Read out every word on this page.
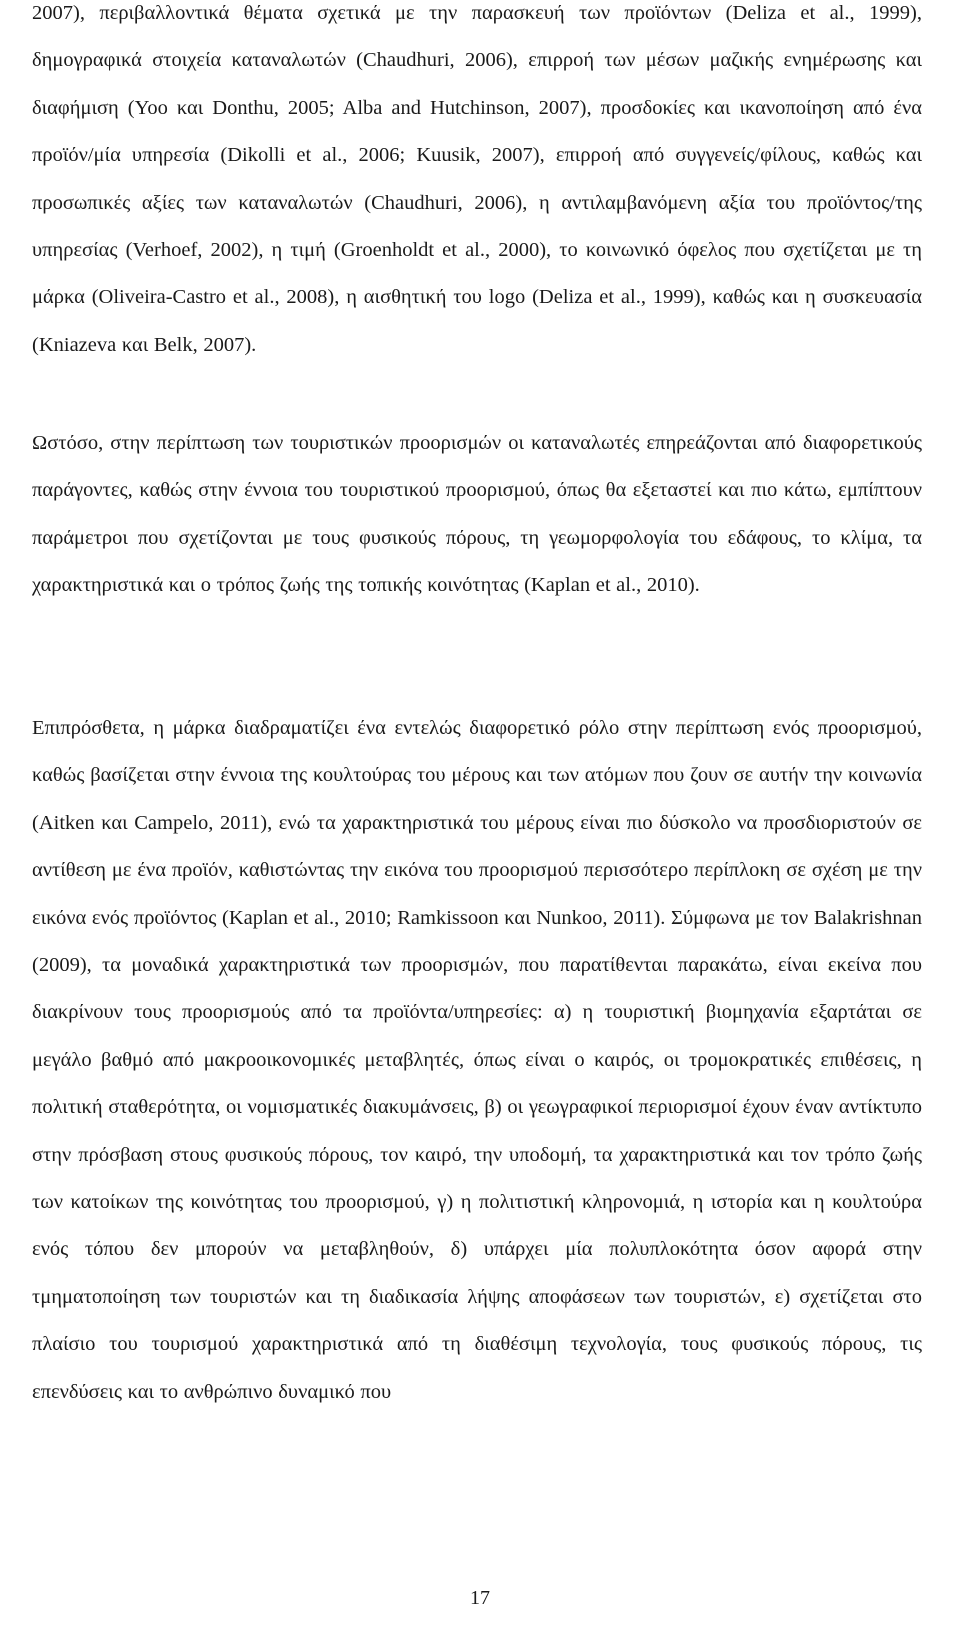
2007), περιβαλλοντικά θέματα σχετικά με την παρασκευή των προϊόντων (Deliza et al., 1999), δημογραφικά στοιχεία καταναλωτών (Chaudhuri, 2006), επιρροή των μέσων μαζικής ενημέρωσης και διαφήμιση (Yoo και Donthu, 2005; Alba and Hutchinson, 2007), προσδοκίες και ικανοποίηση από ένα προϊόν/μία υπηρεσία (Dikolli et al., 2006; Kuusik, 2007), επιρροή από συγγενείς/φίλους, καθώς και προσωπικές αξίες των καταναλωτών (Chaudhuri, 2006), η αντιλαμβανόμενη αξία του προϊόντος/της υπηρεσίας (Verhoef, 2002), η τιμή (Groenholdt et al., 2000), το κοινωνικό όφελος που σχετίζεται με τη μάρκα (Oliveira-Castro et al., 2008), η αισθητική του logo (Deliza et al., 1999), καθώς και η συσκευασία (Kniazeva και Belk, 2007).

Ωστόσο, στην περίπτωση των τουριστικών προορισμών οι καταναλωτές επηρεάζονται από διαφορετικούς παράγοντες, καθώς στην έννοια του τουριστικού προορισμού, όπως θα εξεταστεί και πιο κάτω, εμπίπτουν παράμετροι που σχετίζονται με τους φυσικούς πόρους, τη γεωμορφολογία του εδάφους, το κλίμα, τα χαρακτηριστικά και ο τρόπος ζωής της τοπικής κοινότητας (Kaplan et al., 2010).

Επιπρόσθετα, η μάρκα διαδραματίζει ένα εντελώς διαφορετικό ρόλο στην περίπτωση ενός προορισμού, καθώς βασίζεται στην έννοια της κουλτούρας του μέρους και των ατόμων που ζουν σε αυτήν την κοινωνία (Aitken και Campelo, 2011), ενώ τα χαρακτηριστικά του μέρους είναι πιο δύσκολο να προσδιοριστούν σε αντίθεση με ένα προϊόν, καθιστώντας την εικόνα του προορισμού περισσότερο περίπλοκη σε σχέση με την εικόνα ενός προϊόντος (Kaplan et al., 2010; Ramkissoon και Nunkoo, 2011). Σύμφωνα με τον Balakrishnan (2009), τα μοναδικά χαρακτηριστικά των προορισμών, που παρατίθενται παρακάτω, είναι εκείνα που διακρίνουν τους προορισμούς από τα προϊόντα/υπηρεσίες: α) η τουριστική βιομηχανία εξαρτάται σε μεγάλο βαθμό από μακροοικονομικές μεταβλητές, όπως είναι ο καιρός, οι τρομοκρατικές επιθέσεις, η πολιτική σταθερότητα, οι νομισματικές διακυμάνσεις, β) οι γεωγραφικοί περιορισμοί έχουν έναν αντίκτυπο στην πρόσβαση στους φυσικούς πόρους, τον καιρό, την υποδομή, τα χαρακτηριστικά και τον τρόπο ζωής των κατοίκων της κοινότητας του προορισμού, γ) η πολιτιστική κληρονομιά, η ιστορία και η κουλτούρα ενός τόπου δεν μπορούν να μεταβληθούν, δ) υπάρχει μία πολυπλοκότητα όσον αφορά στην τμηματοποίηση των τουριστών και τη διαδικασία λήψης αποφάσεων των τουριστών, ε) σχετίζεται στο πλαίσιο του τουρισμού χαρακτηριστικά από τη διαθέσιμη τεχνολογία, τους φυσικούς πόρους, τις επενδύσεις και το ανθρώπινο δυναμικό που

17
